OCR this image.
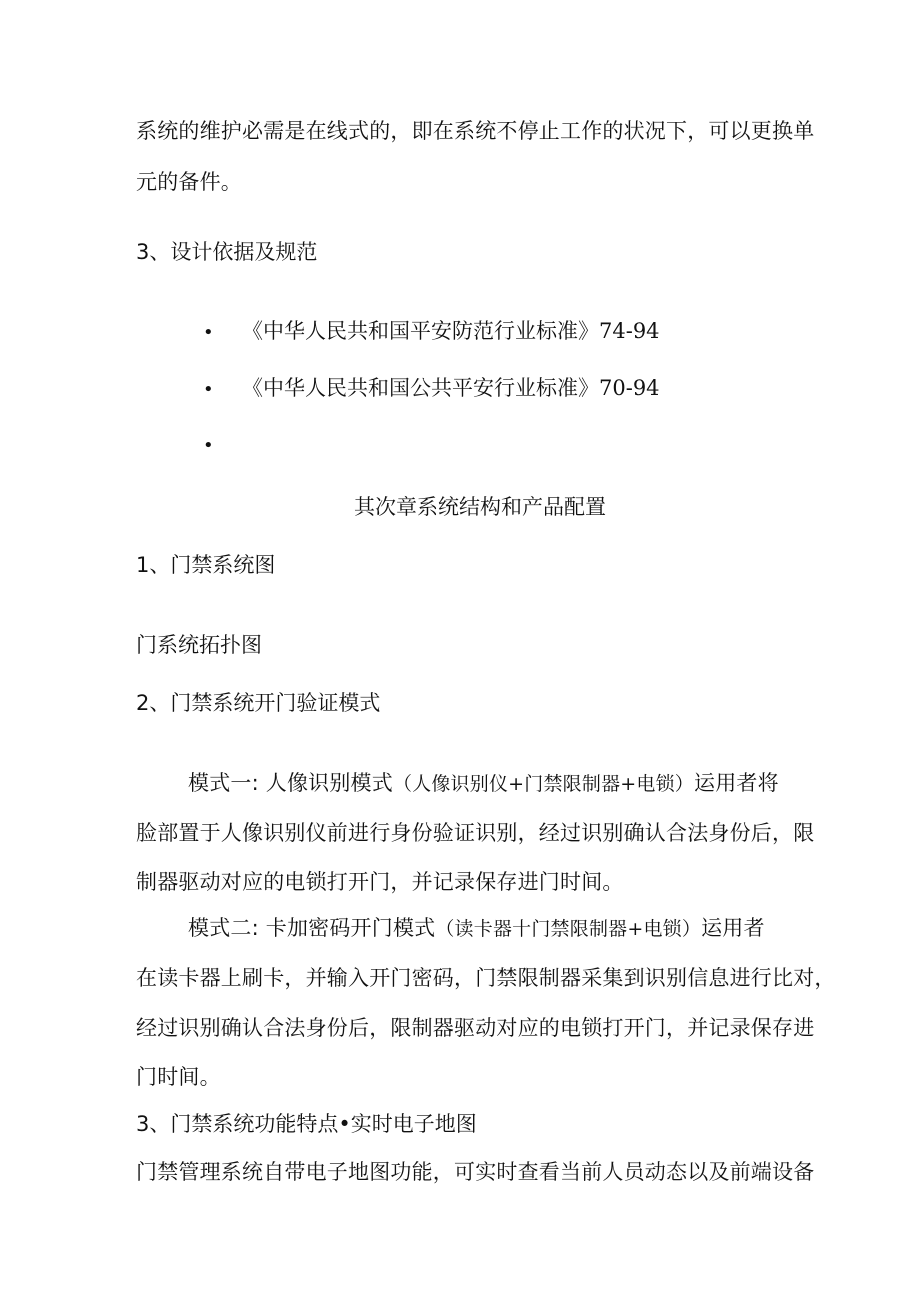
系统的维护必需是在线式的，即在系统不停止工作的状况下，可以更换单
元的备件。
3、设计依据及规范
• 《中华人民共和国平安防范行业标准》74-94
• 《中华人民共和国公共平安行业标准》70-94
•
其次章系统结构和产品配置
1、门禁系统图
门系统拓扑图
2、门禁系统开门验证模式
模式一: 人像识别模式（人像识别仪+门禁限制器+电锁）运用者将
脸部置于人像识别仪前进行身份验证识别，经过识别确认合法身份后，限
制器驱动对应的电锁打开门，并记录保存进门时间。
模式二: 卡加密码开门模式（读卡器十门禁限制器+电锁）运用者
在读卡器上刷卡，并输入开门密码，门禁限制器采集到识别信息进行比对，
经过识别确认合法身份后，限制器驱动对应的电锁打开门，并记录保存进
门时间。
3、门禁系统功能特点•实时电子地图
门禁管理系统自带电子地图功能，可实时查看当前人员动态以及前端设备
